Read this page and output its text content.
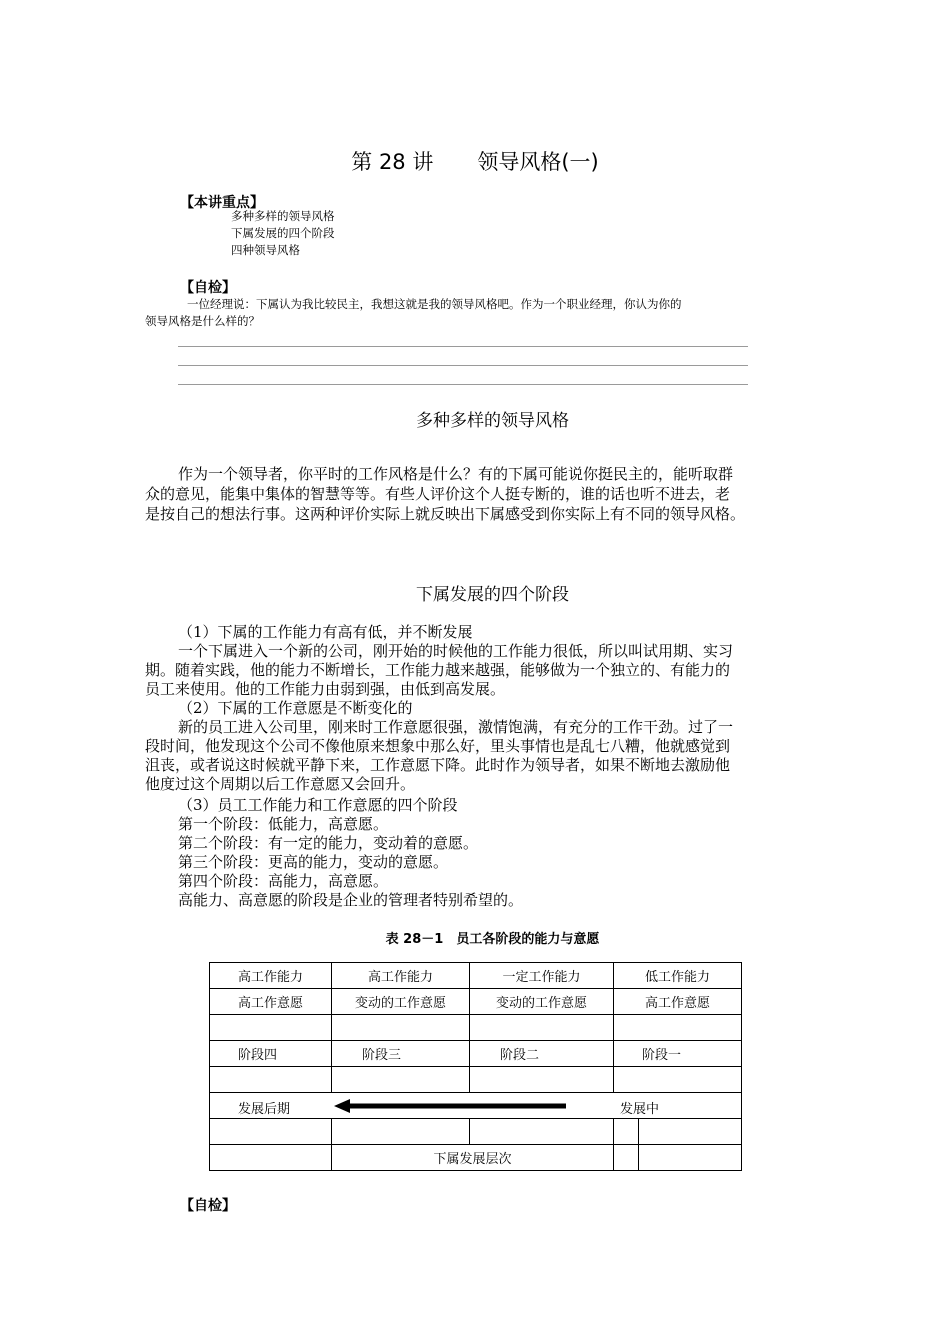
第 28 讲 领导风格(一)
【本讲重点】
多种多样的领导风格
下属发展的四个阶段
四种领导风格
【自检】
一位经理说：下属认为我比较民主，我想这就是我的领导风格吧。作为一个职业经理，你认为你的
领导风格是什么样的？
多种多样的领导风格
作为一个领导者，你平时的工作风格是什么？有的下属可能说你挺民主的，能听取群
众的意见，能集中集体的智慧等等。有些人评价这个人挺专断的，谁的话也听不进去，老
是按自己的想法行事。这两种评价实际上就反映出下属感受到你实际上有不同的领导风格。
下属发展的四个阶段
（1）下属的工作能力有高有低，并不断发展
一个下属进入一个新的公司，刚开始的时候他的工作能力很低，所以叫试用期、实习
期。随着实践，他的能力不断增长，工作能力越来越强，能够做为一个独立的、有能力的
员工来使用。他的工作能力由弱到强，由低到高发展。
（2）下属的工作意愿是不断变化的
新的员工进入公司里，刚来时工作意愿很强，激情饱满，有充分的工作干劲。过了一
段时间，他发现这个公司不像他原来想象中那么好，里头事情也是乱七八糟，他就感觉到
沮丧，或者说这时候就平静下来，工作意愿下降。此时作为领导者，如果不断地去激励他
他度过这个周期以后工作意愿又会回升。
（3）员工工作能力和工作意愿的四个阶段
第一个阶段：低能力，高意愿。
第二个阶段：有一定的能力，变动着的意愿。
第三个阶段：更高的能力，变动的意愿。
第四个阶段：高能力，高意愿。
高能力、高意愿的阶段是企业的管理者特别希望的。
表 28－1　员工各阶段的能力与意愿
高工作能力	高工作能力	一定工作能力	低工作能力	
高工作意愿	变动的工作意愿	变动的工作意愿	高工作意愿	

阶段四	阶段三	阶段二	阶段一	

发展后期 发展中				

	下属发展层次			
【自检】
